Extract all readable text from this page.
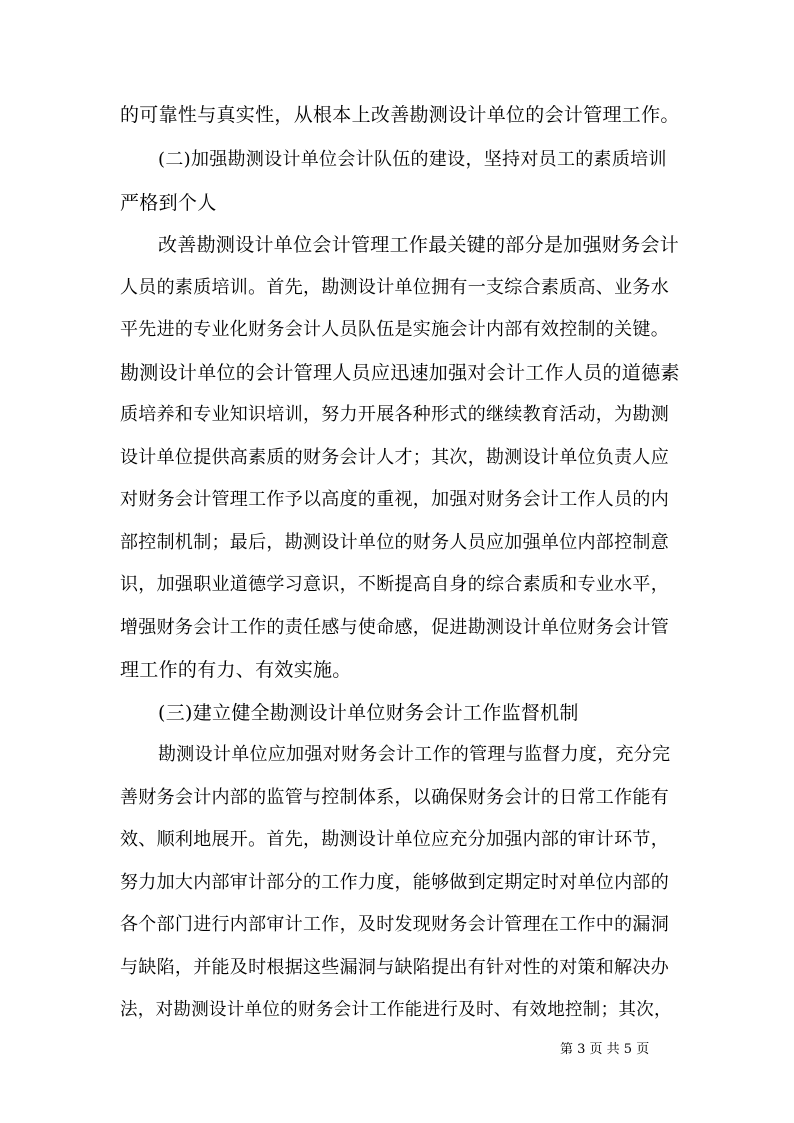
的可靠性与真实性，从根本上改善勘测设计单位的会计管理工作。
(二)加强勘测设计单位会计队伍的建设，坚持对员工的素质培训
严格到个人
改善勘测设计单位会计管理工作最关键的部分是加强财务会计
人员的素质培训。首先，勘测设计单位拥有一支综合素质高、业务水
平先进的专业化财务会计人员队伍是实施会计内部有效控制的关键。
勘测设计单位的会计管理人员应迅速加强对会计工作人员的道德素
质培养和专业知识培训，努力开展各种形式的继续教育活动，为勘测
设计单位提供高素质的财务会计人才；其次，勘测设计单位负责人应
对财务会计管理工作予以高度的重视，加强对财务会计工作人员的内
部控制机制；最后，勘测设计单位的财务人员应加强单位内部控制意
识，加强职业道德学习意识，不断提高自身的综合素质和专业水平，
增强财务会计工作的责任感与使命感，促进勘测设计单位财务会计管
理工作的有力、有效实施。
(三)建立健全勘测设计单位财务会计工作监督机制
勘测设计单位应加强对财务会计工作的管理与监督力度，充分完
善财务会计内部的监管与控制体系，以确保财务会计的日常工作能有
效、顺利地展开。首先，勘测设计单位应充分加强内部的审计环节，
努力加大内部审计部分的工作力度，能够做到定期定时对单位内部的
各个部门进行内部审计工作，及时发现财务会计管理在工作中的漏洞
与缺陷，并能及时根据这些漏洞与缺陷提出有针对性的对策和解决办
法，对勘测设计单位的财务会计工作能进行及时、有效地控制；其次，
第 3 页 共 5 页
